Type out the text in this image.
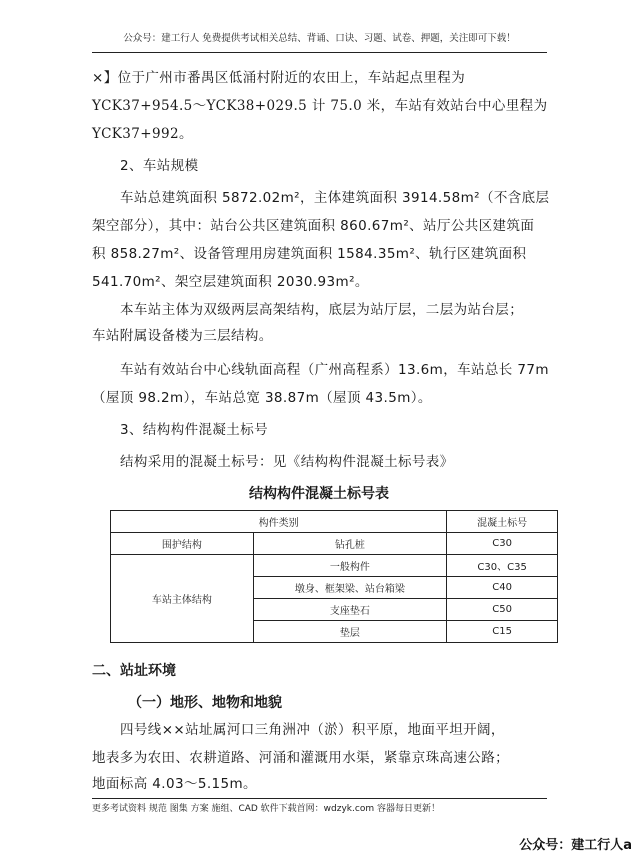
公众号：建工行人 免费提供考试相关总结、背诵、口诀、习题、试卷、押题，关注即可下载！
×】位于广州市番禺区低涌村附近的农田上，车站起点里程为
YCK37+954.5～YCK38+029.5 计 75.0 米，车站有效站台中心里程为
YCK37+992。
2、车站规模
车站总建筑面积 5872.02m²，主体建筑面积 3914.58m²（不含底层
架空部分），其中：站台公共区建筑面积 860.67m²、站厅公共区建筑面
积 858.27m²、设备管理用房建筑面积 1584.35m²、轨行区建筑面积
541.70m²、架空层建筑面积 2030.93m²。
本车站主体为双级两层高架结构，底层为站厅层，二层为站台层；
车站附属设备楼为三层结构。
车站有效站台中心线轨面高程（广州高程系）13.6m，车站总长 77m
（屋顶 98.2m），车站总宽 38.87m（屋顶 43.5m）。
3、结构构件混凝土标号
结构采用的混凝土标号：见《结构构件混凝土标号表》
结构构件混凝土标号表
构件类别		混凝土标号
围护结构	钻孔桩	C30
车站主体结构	一般构件	C30、C35
	墩身、框架梁、站台箱梁	C40
	支座垫石	C50
	垫层	C15
二、站址环境
（一）地形、地物和地貌
四号线××站址属河口三角洲冲（淤）积平原，地面平坦开阔，
地表多为农田、农耕道路、河涌和灌溉用水渠，紧靠京珠高速公路；
地面标高 4.03～5.15m。
更多考试资料 规范 图集 方案 施组、CAD 软件下载首网：wdzyk.com 容器每日更新！
公众号：建工行人a
